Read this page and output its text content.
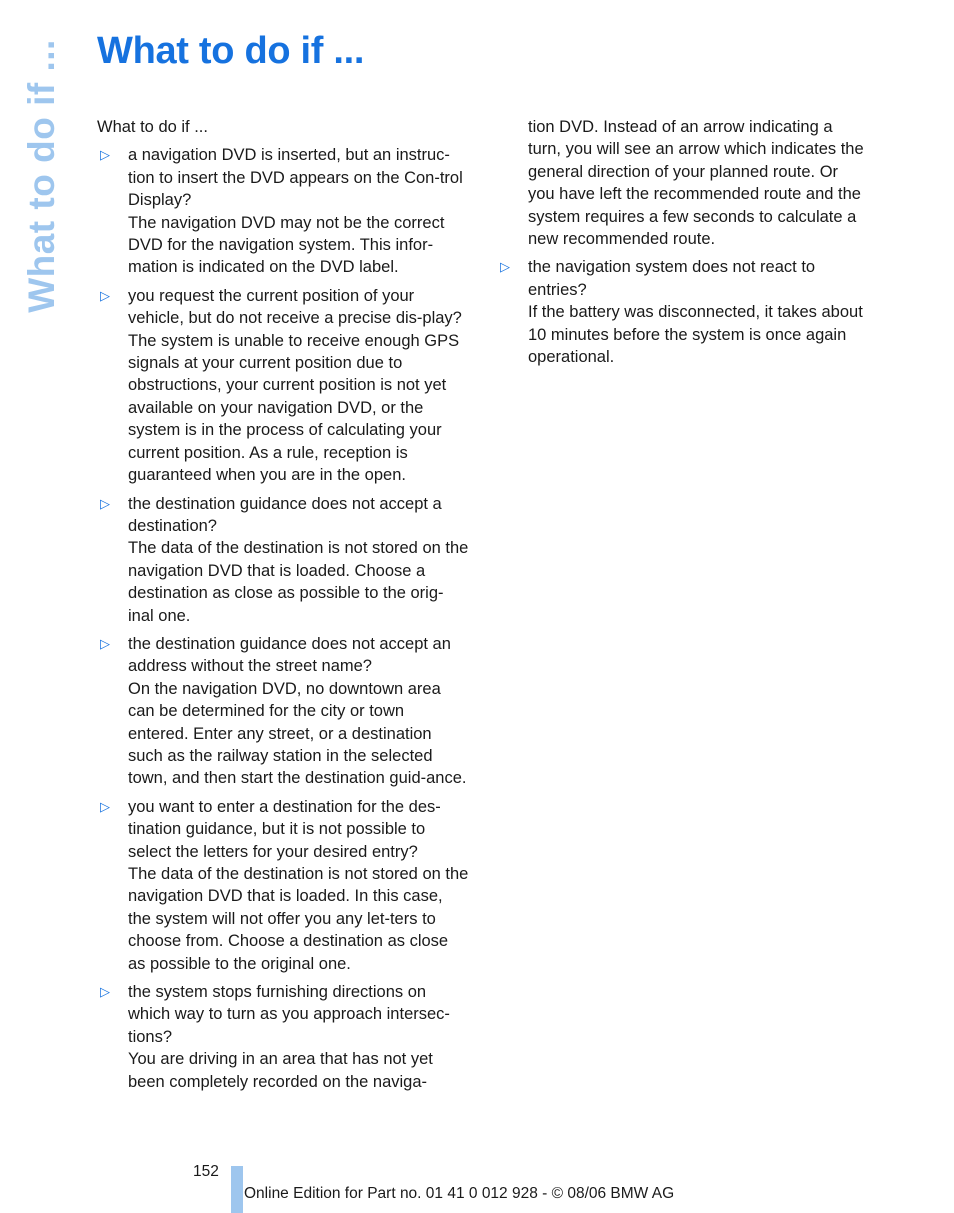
What to do if ... What to do if ...

What to do if ...

▷ a navigation DVD is inserted, but an instruc-tion to insert the DVD appears on the Con-trol Display?
The navigation DVD may not be the correct DVD for the navigation system. This infor-mation is indicated on the DVD label.
▷ you request the current position of your vehicle, but do not receive a precise dis-play?
The system is unable to receive enough GPS signals at your current position due to obstructions, your current position is not yet available on your navigation DVD, or the system is in the process of calculating your current position. As a rule, reception is guaranteed when you are in the open.
▷ the destination guidance does not accept a destination?
The data of the destination is not stored on the navigation DVD that is loaded. Choose a destination as close as possible to the orig-inal one.
▷ the destination guidance does not accept an address without the street name?
On the navigation DVD, no downtown area can be determined for the city or town entered. Enter any street, or a destination such as the railway station in the selected town, and then start the destination guid-ance.
▷ you want to enter a destination for the des-tination guidance, but it is not possible to select the letters for your desired entry?
The data of the destination is not stored on the navigation DVD that is loaded. In this case, the system will not offer you any let-ters to choose from. Choose a destination as close as possible to the original one.
▷ the system stops furnishing directions on which way to turn as you approach intersec-tions?
You are driving in an area that has not yet been completely recorded on the naviga-

tion DVD. Instead of an arrow indicating a turn, you will see an arrow which indicates the general direction of your planned route. Or you have left the recommended route and the system requires a few seconds to calculate a new recommended route.

▷ the navigation system does not react to entries?
If the battery was disconnected, it takes about 10 minutes before the system is once again operational.
152
Online Edition for Part no. 01 41 0 012 928 - © 08/06 BMW AG
